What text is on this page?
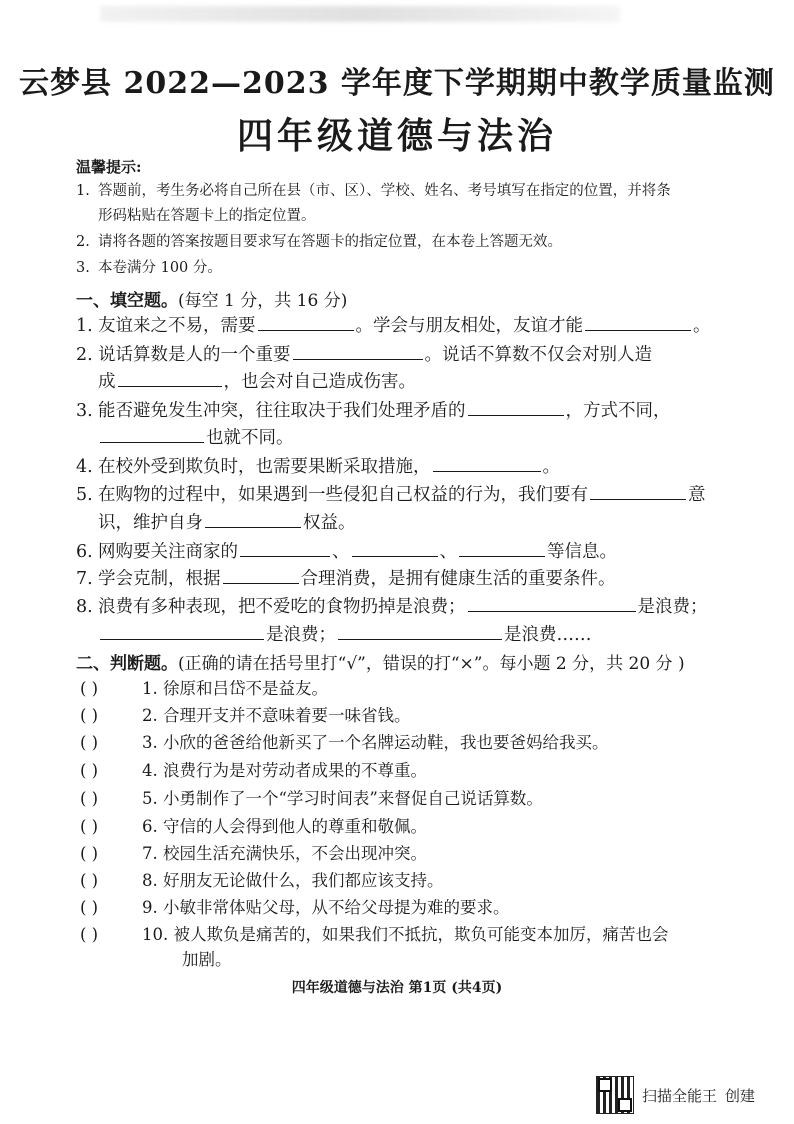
云梦县 2022—2023 学年度下学期期中教学质量监测
四年级道德与法治
温馨提示:
1. 答题前，考生务必将自己所在县（市、区）、学校、姓名、考号填写在指定的位置，并将条
形码粘贴在答题卡上的指定位置。
2. 请将各题的答案按题目要求写在答题卡的指定位置，在本卷上答题无效。
3. 本卷满分 100 分。
一、填空题。(每空 1 分，共 16 分)
1. 友谊来之不易，需要	。学会与朋友相处，友谊才能	。
2. 说话算数是人的一个重要	。说话不算数不仅会对别人造
成	，也会对自己造成伤害。
3. 能否避免发生冲突，往往取决于我们处理矛盾的	，方式不同，
也就不同。
4. 在校外受到欺负时，也需要果断采取措施，	。
5. 在购物的过程中，如果遇到一些侵犯自己权益的行为，我们要有	意
识，维护自身	权益。
6. 网购要关注商家的	、	、	等信息。
7. 学会克制，根据	合理消费，是拥有健康生活的重要条件。
8. 浪费有多种表现，把不爱吃的食物扔掉是浪费；	是浪费；
是浪费；	是浪费……
二、判断题。(正确的请在括号里打“√”，错误的打“×”。每小题 2 分，共 20 分 )
( )	1. 徐原和吕岱不是益友。
( )	2. 合理开支并不意味着要一味省钱。
( )	3. 小欣的爸爸给他新买了一个名牌运动鞋，我也要爸妈给我买。
( )	4. 浪费行为是对劳动者成果的不尊重。
( )	5. 小勇制作了一个“学习时间表”来督促自己说话算数。
( )	6. 守信的人会得到他人的尊重和敬佩。
( )	7. 校园生活充满快乐，不会出现冲突。
( )	8. 好朋友无论做什么，我们都应该支持。
( )	9. 小敏非常体贴父母，从不给父母提为难的要求。
( )	10. 被人欺负是痛苦的，如果我们不抵抗，欺负可能变本加厉，痛苦也会
加剧。
四年级道德与法治 第1页 (共4页)
扫描全能王 创建
